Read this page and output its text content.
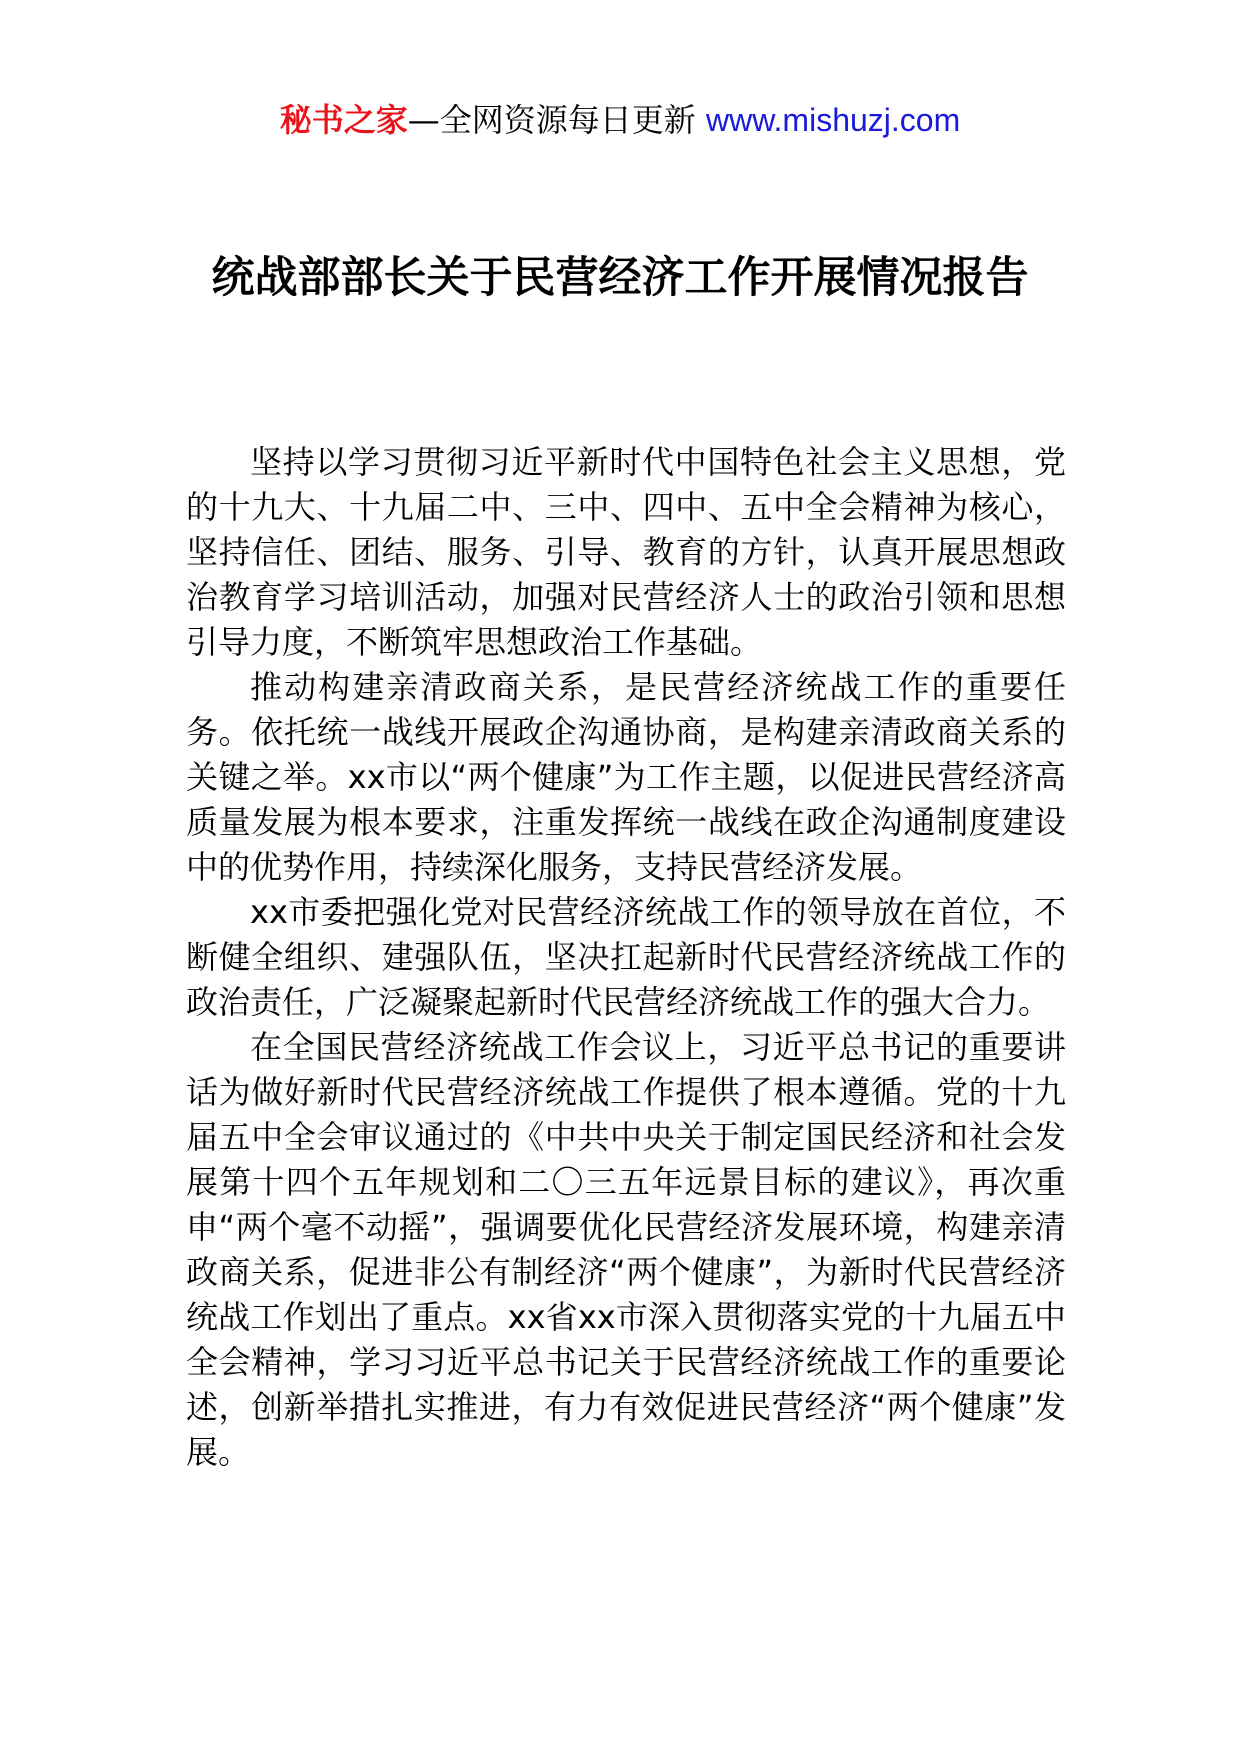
秘书之家—全网资源每日更新 www.mishuzj.com
统战部部长关于民营经济工作开展情况报告

坚持以学习贯彻习近平新时代中国特色社会主义思想，党的十九大、十九届二中、三中、四中、五中全会精神为核心，坚持信任、团结、服务、引导、教育的方针，认真开展思想政治教育学习培训活动，加强对民营经济人士的政治引领和思想引导力度，不断筑牢思想政治工作基础。

推动构建亲清政商关系，是民营经济统战工作的重要任务。依托统一战线开展政企沟通协商，是构建亲清政商关系的关键之举。xx市以“两个健康”为工作主题，以促进民营经济高质量发展为根本要求，注重发挥统一战线在政企沟通制度建设中的优势作用，持续深化服务，支持民营经济发展。

xx市委把强化党对民营经济统战工作的领导放在首位，不断健全组织、建强队伍，坚决扛起新时代民营经济统战工作的政治责任，广泛凝聚起新时代民营经济统战工作的强大合力。

在全国民营经济统战工作会议上，习近平总书记的重要讲话为做好新时代民营经济统战工作提供了根本遵循。党的十九届五中全会审议通过的《中共中央关于制定国民经济和社会发展第十四个五年规划和二〇三五年远景目标的建议》，再次重申“两个毫不动摇”，强调要优化民营经济发展环境，构建亲清政商关系，促进非公有制经济“两个健康”，为新时代民营经济统战工作划出了重点。xx省xx市深入贯彻落实党的十九届五中全会精神，学习习近平总书记关于民营经济统战工作的重要论述，创新举措扎实推进，有力有效促进民营经济“两个健康”发展。
